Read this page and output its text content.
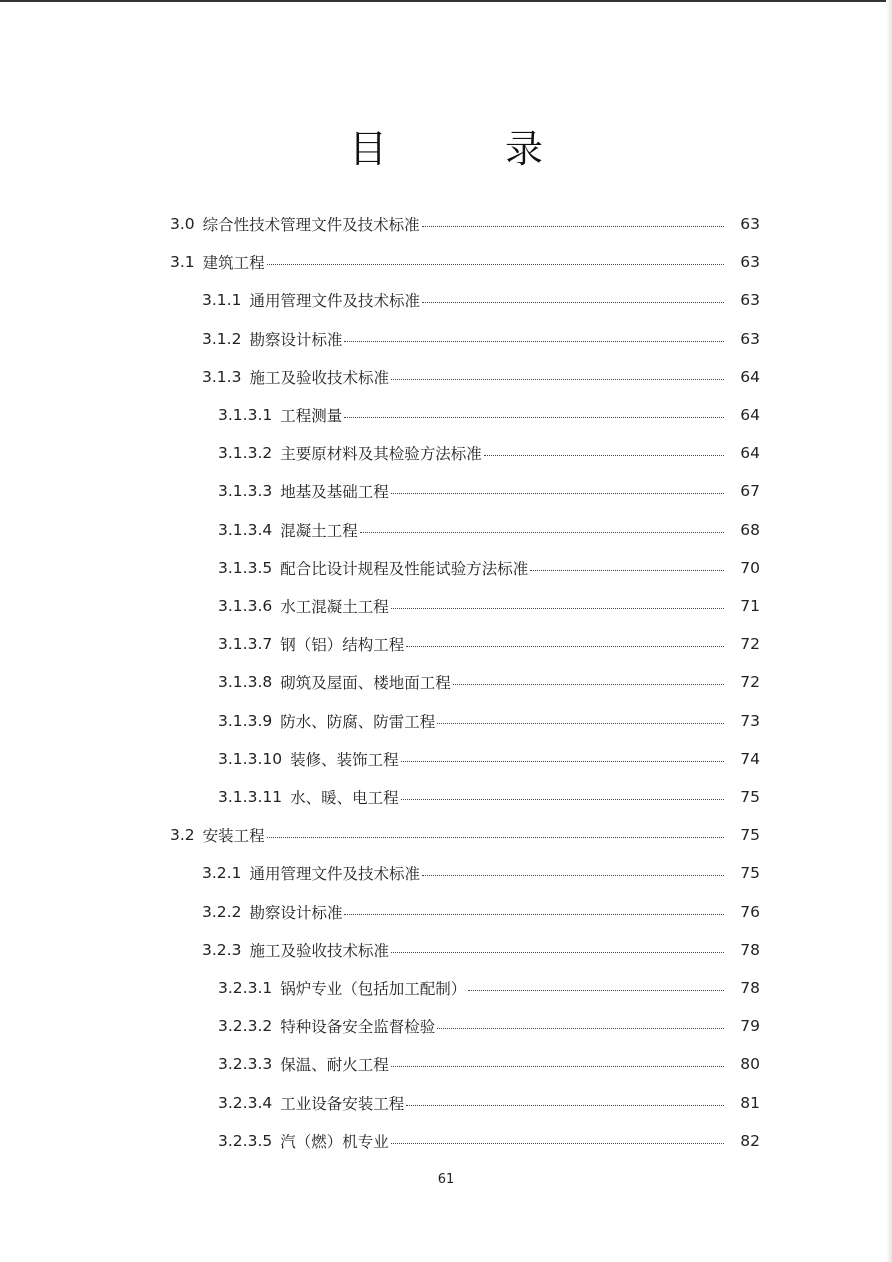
目　录
3.0 综合性技术管理文件及技术标准	63
3.1 建筑工程	63
3.1.1 通用管理文件及技术标准	63
3.1.2 勘察设计标准	63
3.1.3 施工及验收技术标准	64
3.1.3.1 工程测量	64
3.1.3.2 主要原材料及其检验方法标准	64
3.1.3.3 地基及基础工程	67
3.1.3.4 混凝土工程	68
3.1.3.5 配合比设计规程及性能试验方法标准	70
3.1.3.6 水工混凝土工程	71
3.1.3.7 钢（铝）结构工程	72
3.1.3.8 砌筑及屋面、楼地面工程	72
3.1.3.9 防水、防腐、防雷工程	73
3.1.3.10 装修、装饰工程	74
3.1.3.11 水、暖、电工程	75
3.2 安装工程	75
3.2.1 通用管理文件及技术标准	75
3.2.2 勘察设计标准	76
3.2.3 施工及验收技术标准	78
3.2.3.1 锅炉专业（包括加工配制）	78
3.2.3.2 特种设备安全监督检验	79
3.2.3.3 保温、耐火工程	80
3.2.3.4 工业设备安装工程	81
3.2.3.5 汽（燃）机专业	82
61
